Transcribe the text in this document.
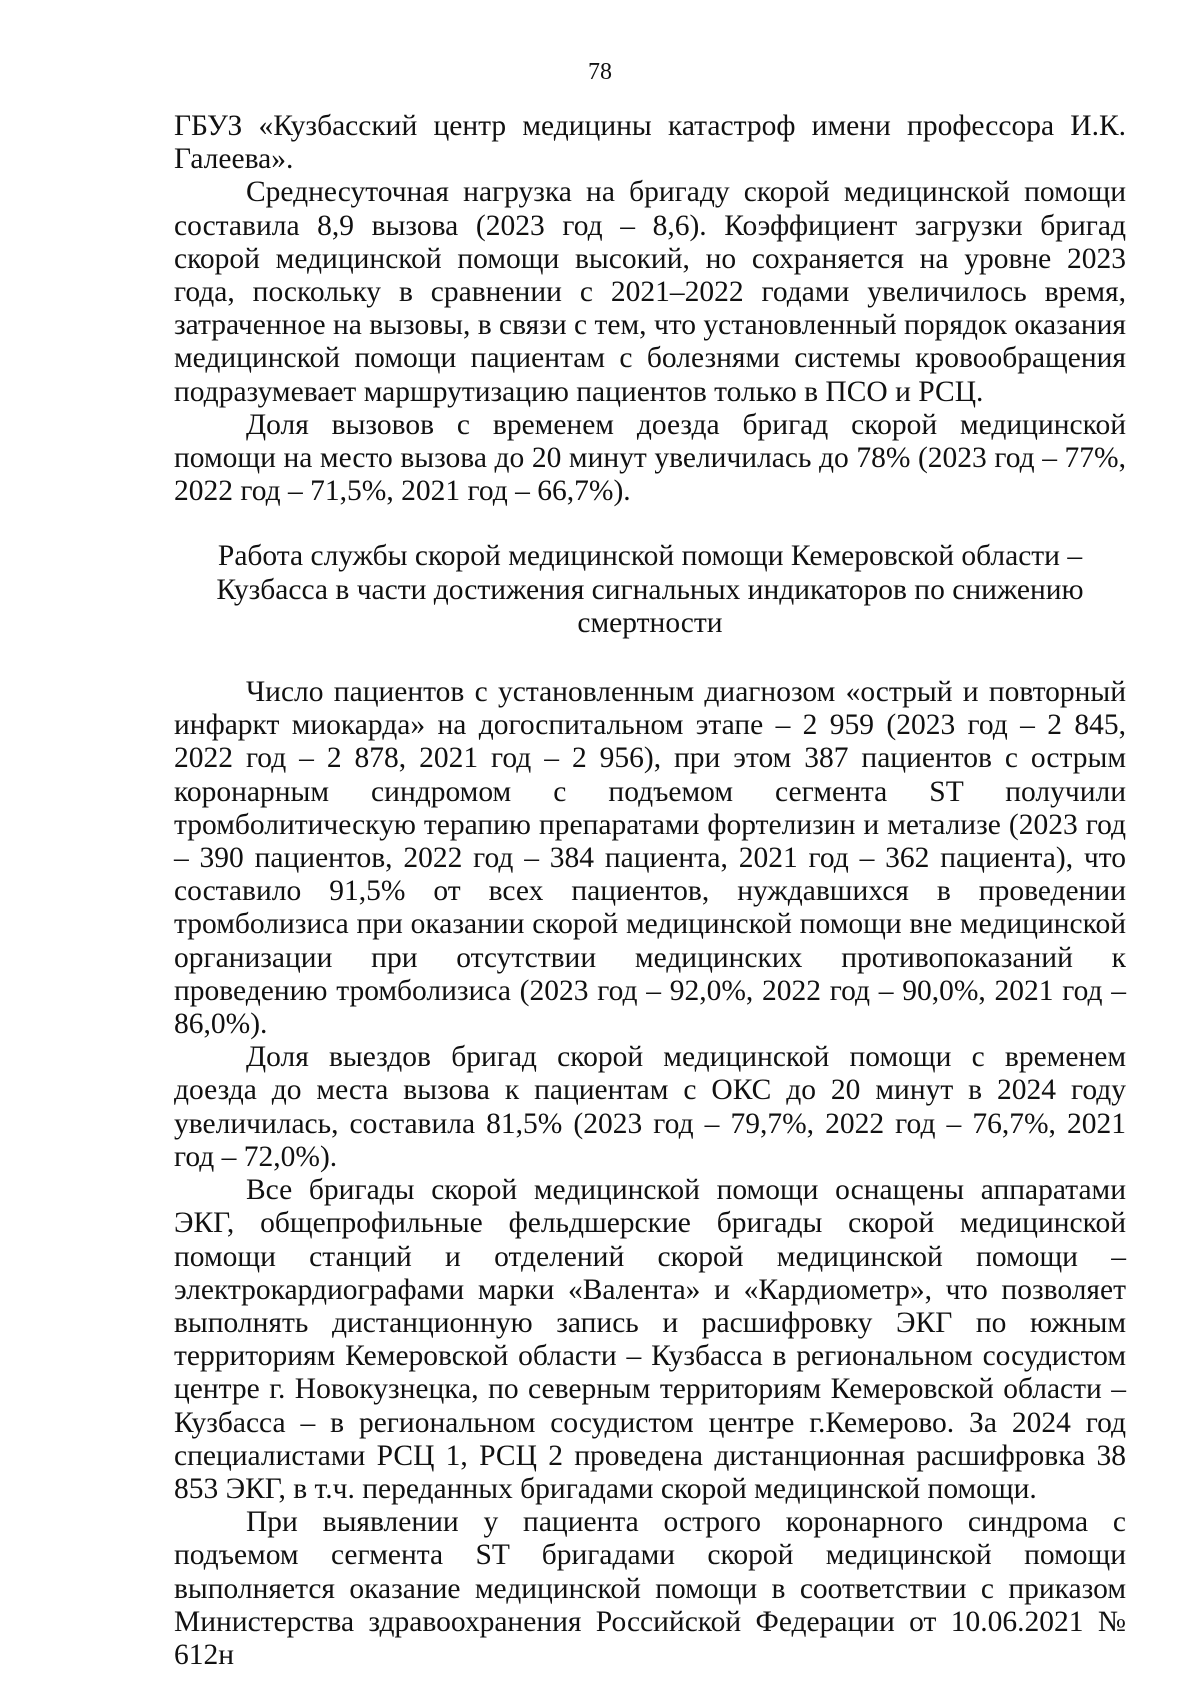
78

ГБУЗ «Кузбасский центр медицины катастроф имени профессора И.К. Галеева».

Среднесуточная нагрузка на бригаду скорой медицинской помощи составила 8,9 вызова (2023 год – 8,6). Коэффициент загрузки бригад скорой медицинской помощи высокий, но сохраняется на уровне 2023 года, поскольку в сравнении с 2021–2022 годами увеличилось время, затраченное на вызовы, в связи с тем, что установленный порядок оказания медицинской помощи пациентам с болезнями системы кровообращения подразумевает маршрутизацию пациентов только в ПСО и РСЦ.

Доля вызовов с временем доезда бригад скорой медицинской помощи на место вызова до 20 минут увеличилась до 78% (2023 год – 77%, 2022 год – 71,5%, 2021 год – 66,7%).

Работа службы скорой медицинской помощи Кемеровской области –
Кузбасса в части достижения сигнальных индикаторов по снижению
смертности

Число пациентов с установленным диагнозом «острый и повторный инфаркт миокарда» на догоспитальном этапе – 2 959 (2023 год – 2 845, 2022 год – 2 878, 2021 год – 2 956), при этом 387 пациентов с острым коронарным синдромом с подъемом сегмента ST получили тромболитическую терапию препаратами фортелизин и метализе (2023 год – 390 пациентов, 2022 год – 384 пациента, 2021 год – 362 пациента), что составило 91,5% от всех пациентов, нуждавшихся в проведении тромболизиса при оказании скорой медицинской помощи вне медицинской организации при отсутствии медицинских противопоказаний к проведению тромболизиса (2023 год – 92,0%, 2022 год – 90,0%, 2021 год – 86,0%).

Доля выездов бригад скорой медицинской помощи с временем доезда до места вызова к пациентам с ОКС до 20 минут в 2024 году увеличилась, составила 81,5% (2023 год – 79,7%, 2022 год – 76,7%, 2021 год – 72,0%).

Все бригады скорой медицинской помощи оснащены аппаратами ЭКГ, общепрофильные фельдшерские бригады скорой медицинской помощи станций и отделений скорой медицинской помощи – электрокардиографами марки «Валента» и «Кардиометр», что позволяет выполнять дистанционную запись и расшифровку ЭКГ по южным территориям Кемеровской области – Кузбасса в региональном сосудистом центре г. Новокузнецка, по северным территориям Кемеровской области – Кузбасса – в региональном сосудистом центре г.Кемерово. За 2024 год специалистами РСЦ 1, РСЦ 2 проведена дистанционная расшифровка 38 853 ЭКГ, в т.ч. переданных бригадами скорой медицинской помощи.

При выявлении у пациента острого коронарного синдрома с подъемом сегмента ST бригадами скорой медицинской помощи выполняется оказание медицинской помощи в соответствии с приказом Министерства здравоохранения Российской Федерации от 10.06.2021 № 612н
